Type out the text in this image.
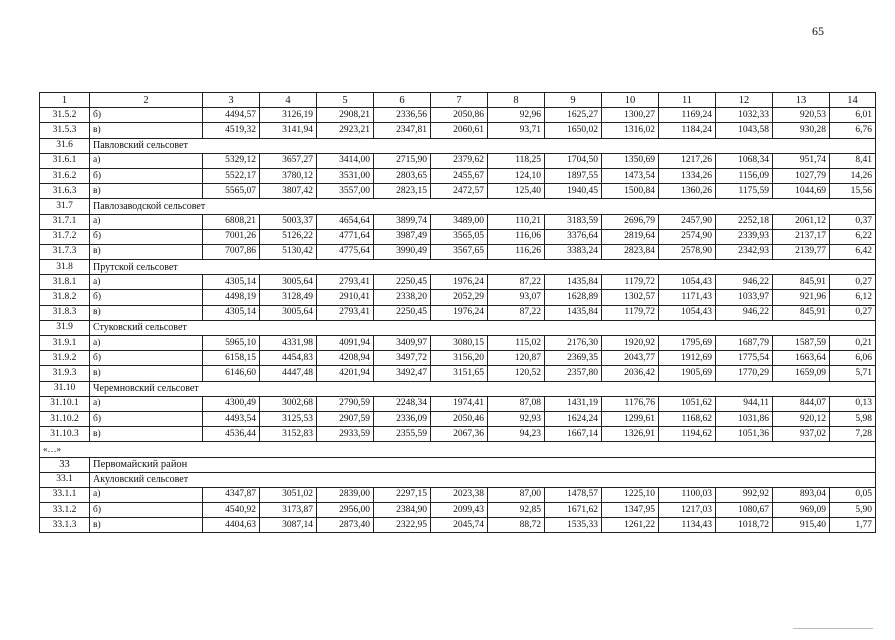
65
1	2	3	4	5	6	7	8	9	10	11	12	13	14
31.5.2	б)	4494,57	3126,19	2908,21	2336,56	2050,86	92,96	1625,27	1300,27	1169,24	1032,33	920,53	6,01
31.5.3	в)	4519,32	3141,94	2923,21	2347,81	2060,61	93,71	1650,02	1316,02	1184,24	1043,58	930,28	6,76
31.6	Павловский сельсовет												
31.6.1	а)	5329,12	3657,27	3414,00	2715,90	2379,62	118,25	1704,50	1350,69	1217,26	1068,34	951,74	8,41
31.6.2	б)	5522,17	3780,12	3531,00	2803,65	2455,67	124,10	1897,55	1473,54	1334,26	1156,09	1027,79	14,26
31.6.3	в)	5565,07	3807,42	3557,00	2823,15	2472,57	125,40	1940,45	1500,84	1360,26	1175,59	1044,69	15,56
31.7	Павлозаводской сельсовет												
31.7.1	а)	6808,21	5003,37	4654,64	3899,74	3489,00	110,21	3183,59	2696,79	2457,90	2252,18	2061,12	0,37
31.7.2	б)	7001,26	5126,22	4771,64	3987,49	3565,05	116,06	3376,64	2819,64	2574,90	2339,93	2137,17	6,22
31.7.3	в)	7007,86	5130,42	4775,64	3990,49	3567,65	116,26	3383,24	2823,84	2578,90	2342,93	2139,77	6,42
31.8	Прутской сельсовет												
31.8.1	а)	4305,14	3005,64	2793,41	2250,45	1976,24	87,22	1435,84	1179,72	1054,43	946,22	845,91	0,27
31.8.2	б)	4498,19	3128,49	2910,41	2338,20	2052,29	93,07	1628,89	1302,57	1171,43	1033,97	921,96	6,12
31.8.3	в)	4305,14	3005,64	2793,41	2250,45	1976,24	87,22	1435,84	1179,72	1054,43	946,22	845,91	0,27
31.9	Стуковский сельсовет												
31.9.1	а)	5965,10	4331,98	4091,94	3409,97	3080,15	115,02	2176,30	1920,92	1795,69	1687,79	1587,59	0,21
31.9.2	б)	6158,15	4454,83	4208,94	3497,72	3156,20	120,87	2369,35	2043,77	1912,69	1775,54	1663,64	6,06
31.9.3	в)	6146,60	4447,48	4201,94	3492,47	3151,65	120,52	2357,80	2036,42	1905,69	1770,29	1659,09	5,71
31.10	Черемновский сельсовет												
31.10.1	а)	4300,49	3002,68	2790,59	2248,34	1974,41	87,08	1431,19	1176,76	1051,62	944,11	844,07	0,13
31.10.2	б)	4493,54	3125,53	2907,59	2336,09	2050,46	92,93	1624,24	1299,61	1168,62	1031,86	920,12	5,98
31.10.3	в)	4536,44	3152,83	2933,59	2355,59	2067,36	94,23	1667,14	1326,91	1194,62	1051,36	937,02	7,28
«…»													
33	Первомайский район												
33.1	Акуловский сельсовет												
33.1.1	а)	4347,87	3051,02	2839,00	2297,15	2023,38	87,00	1478,57	1225,10	1100,03	992,92	893,04	0,05
33.1.2	б)	4540,92	3173,87	2956,00	2384,90	2099,43	92,85	1671,62	1347,95	1217,03	1080,67	969,09	5,90
33.1.3	в)	4404,63	3087,14	2873,40	2322,95	2045,74	88,72	1535,33	1261,22	1134,43	1018,72	915,40	1,77
